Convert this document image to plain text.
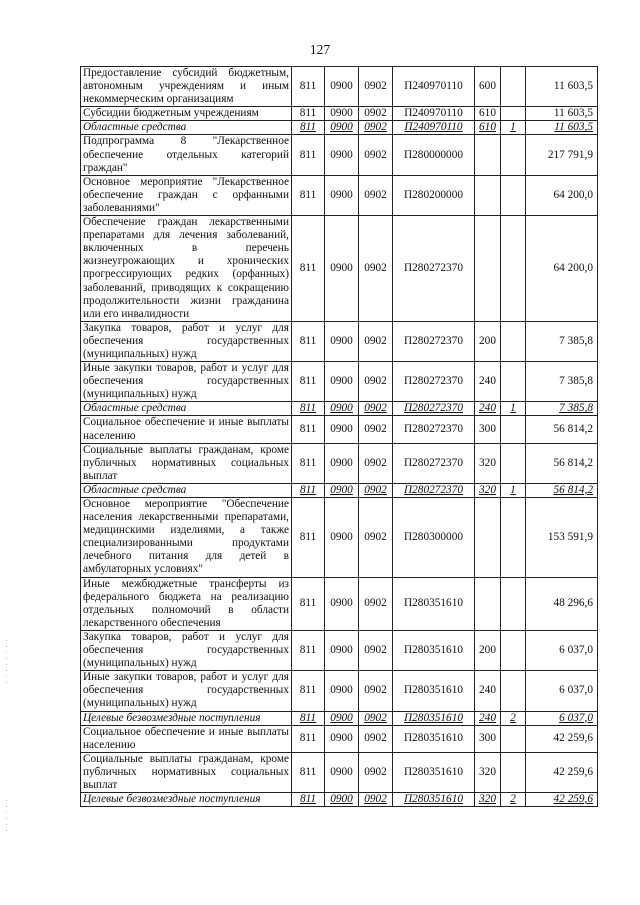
127
Предоставление субсидий бюджетным, автономным учреждениям и иным некоммерческим организациям	811	0900	0902	П240970110	600		11 603,5
Субсидии бюджетным учреждениям	811	0900	0902	П240970110	610		11 603,5
Областные средства	811	0900	0902	П240970110	610	1	11 603,5
Подпрограмма 8 "Лекарственное обеспечение отдельных категорий граждан"	811	0900	0902	П280000000			217 791,9
Основное мероприятие "Лекарственное обеспечение граждан с орфанными заболеваниями"	811	0900	0902	П280200000			64 200,0
Обеспечение граждан лекарственными препаратами для лечения заболеваний, включенных в перечень жизнеугрожающих и хронических прогрессирующих редких (орфанных) заболеваний, приводящих к сокращению продолжительности жизни гражданина или его инвалидности	811	0900	0902	П280272370			64 200,0
Закупка товаров, работ и услуг для обеспечения государственных (муниципальных) нужд	811	0900	0902	П280272370	200		7 385,8
Иные закупки товаров, работ и услуг для обеспечения государственных (муниципальных) нужд	811	0900	0902	П280272370	240		7 385,8
Областные средства	811	0900	0902	П280272370	240	1	7 385,8
Социальное обеспечение и иные выплаты населению	811	0900	0902	П280272370	300		56 814,2
Социальные выплаты гражданам, кроме публичных нормативных социальных выплат	811	0900	0902	П280272370	320		56 814,2
Областные средства	811	0900	0902	П280272370	320	1	56 814,2
Основное мероприятие "Обеспечение населения лекарственными препаратами, медицинскими изделиями, а также специализированными продуктами лечебного питания для детей в амбулаторных условиях"	811	0900	0902	П280300000			153 591,9
Иные межбюджетные трансферты из федерального бюджета на реализацию отдельных полномочий в области лекарственного обеспечения	811	0900	0902	П280351610			48 296,6
Закупка товаров, работ и услуг для обеспечения государственных (муниципальных) нужд	811	0900	0902	П280351610	200		6 037,0
Иные закупки товаров, работ и услуг для обеспечения государственных (муниципальных) нужд	811	0900	0902	П280351610	240		6 037,0
Целевые безвозмездные поступления	811	0900	0902	П280351610	240	2	6 037,0
Социальное обеспечение и иные выплаты населению	811	0900	0902	П280351610	300		42 259,6
Социальные выплаты гражданам, кроме публичных нормативных социальных выплат	811	0900	0902	П280351610	320		42 259,6
Целевые безвозмездные поступления	811	0900	0902	П280351610	320	2	42 259,6
